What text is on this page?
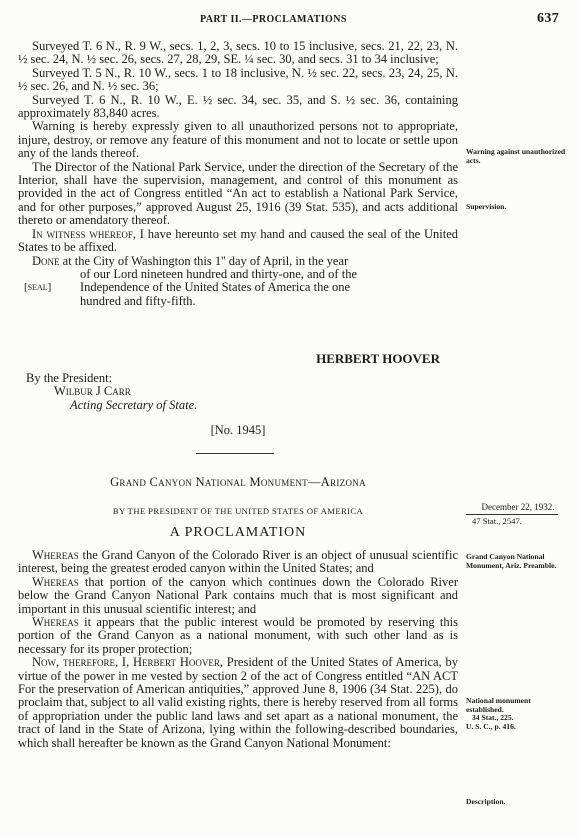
PART II.—PROCLAMATIONS	637

Surveyed T. 6 N., R. 9 W., secs. 1, 2, 3, secs. 10 to 15 inclusive, secs. 21, 22, 23, N. ½ sec. 24, N. ½ sec. 26, secs. 27, 28, 29, SE. ¼ sec. 30, and secs. 31 to 34 inclusive;

Surveyed T. 5 N., R. 10 W., secs. 1 to 18 inclusive, N. ½ sec. 22, secs. 23, 24, 25, N. ½ sec. 26, and N. ½ sec. 36;

Surveyed T. 6 N., R. 10 W., E. ½ sec. 34, sec. 35, and S. ½ sec. 36, containing approximately 83,840 acres.

Warning is hereby expressly given to all unauthorized persons not to appropriate, injure, destroy, or remove any feature of this monument and not to locate or settle upon any of the lands thereof.

The Director of the National Park Service, under the direction of the Secretary of the Interior, shall have the supervision, management, and control of this monument as provided in the act of Congress entitled “An act to establish a National Park Service, and for other purposes,” approved August 25, 1916 (39 Stat. 535), and acts additional thereto or amendatory thereof.

In witness whereof, I have hereunto set my hand and caused the seal of the United States to be affixed.

Done at the City of Washington this 1'' day of April, in the year

of our Lord nineteen hundred and thirty-one, and of the
[seal] Independence of the United States of America the one
hundred and fifty-fifth.
HERBERT HOOVER
By the President:
Wilbur J Carr
Acting Secretary of State.
[No. 1945]
Grand Canyon National Monument—Arizona
BY THE PRESIDENT OF THE UNITED STATES OF AMERICA
A PROCLAMATION

Whereas the Grand Canyon of the Colorado River is an object of unusual scientific interest, being the greatest eroded canyon within the United States; and

Whereas that portion of the canyon which continues down the Colorado River below the Grand Canyon National Park contains much that is most significant and important in this unusual scientific interest; and

Whereas it appears that the public interest would be promoted by reserving this portion of the Grand Canyon as a national monument, with such other land as is necessary for its proper protection;

Now, therefore, I, Herbert Hoover, President of the United States of America, by virtue of the power in me vested by section 2 of the act of Congress entitled “AN ACT For the preservation of American antiquities,” approved June 8, 1906 (34 Stat. 225), do proclaim that, subject to all valid existing rights, there is hereby reserved from all forms of appropriation under the public land laws and set apart as a national monument, the tract of land in the State of Arizona, lying within the following-described boundaries, which shall hereafter be known as the Grand Canyon National Monument:

Warning against unauthorized acts.
Supervision.
December 22, 1932.
47 Stat., 2547.
Grand Canyon National Monument, Ariz. Preamble.
National monument established.
34 Stat., 225.
U. S. C., p. 416.
Description.
